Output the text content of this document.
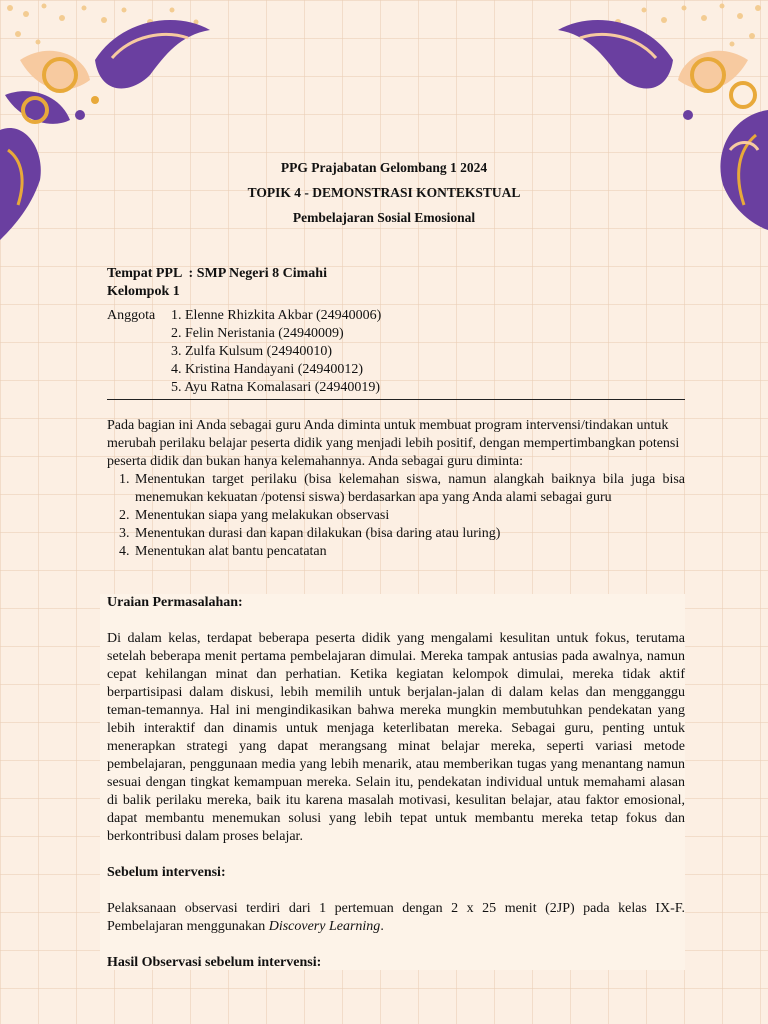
PPG Prajabatan Gelombang 1 2024
TOPIK 4 - DEMONSTRASI KONTEKSTUAL
Pembelajaran Sosial Emosional
Tempat PPL  : SMP Negeri 8 Cimahi
Kelompok 1
Anggota	1. Elenne Rhizkita Akbar (24940006)
2. Felin Neristania (24940009)
3. Zulfa Kulsum (24940010)
4. Kristina Handayani (24940012)
5. Ayu Ratna Komalasari (24940019)

Pada bagian ini Anda sebagai guru Anda diminta untuk membuat program intervensi/tindakan untuk merubah perilaku belajar peserta didik yang menjadi lebih positif, dengan mempertimbangkan potensi peserta didik dan bukan hanya kelemahannya. Anda sebagai guru diminta:

1. Menentukan target perilaku (bisa kelemahan siswa, namun alangkah baiknya bila juga bisa menemukan kekuatan /potensi siswa) berdasarkan apa yang Anda alami sebagai guru
2. Menentukan siapa yang melakukan observasi
3. Menentukan durasi dan kapan dilakukan (bisa daring atau luring)
4. Menentukan alat bantu pencatatan

Uraian Permasalahan:

Di dalam kelas, terdapat beberapa peserta didik yang mengalami kesulitan untuk fokus, terutama setelah beberapa menit pertama pembelajaran dimulai. Mereka tampak antusias pada awalnya, namun cepat kehilangan minat dan perhatian. Ketika kegiatan kelompok dimulai, mereka tidak aktif berpartisipasi dalam diskusi, lebih memilih untuk berjalan-jalan di dalam kelas dan mengganggu teman-temannya. Hal ini mengindikasikan bahwa mereka mungkin membutuhkan pendekatan yang lebih interaktif dan dinamis untuk menjaga keterlibatan mereka. Sebagai guru, penting untuk menerapkan strategi yang dapat merangsang minat belajar mereka, seperti variasi metode pembelajaran, penggunaan media yang lebih menarik, atau memberikan tugas yang menantang namun sesuai dengan tingkat kemampuan mereka. Selain itu, pendekatan individual untuk memahami alasan di balik perilaku mereka, baik itu karena masalah motivasi, kesulitan belajar, atau faktor emosional, dapat membantu menemukan solusi yang lebih tepat untuk membantu mereka tetap fokus dan berkontribusi dalam proses belajar.

Sebelum intervensi:

Pelaksanaan observasi terdiri dari 1 pertemuan dengan 2 x 25 menit (2JP) pada kelas IX-F. Pembelajaran menggunakan Discovery Learning.

Hasil Observasi sebelum intervensi:
